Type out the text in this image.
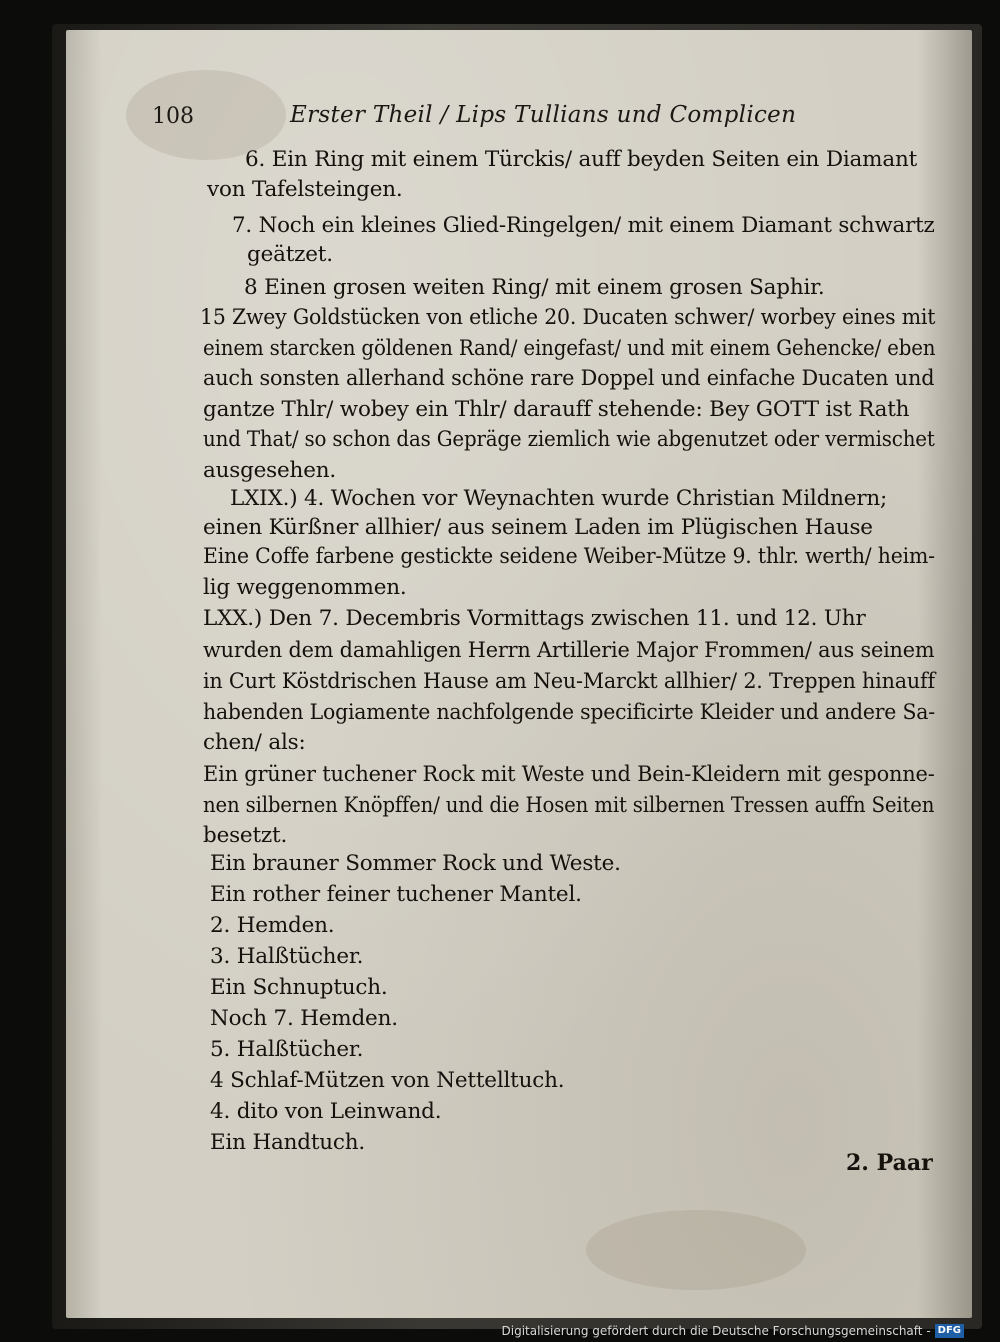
108	Erster Theil / Lips Tullians und Complicen
6. Ein Ring mit einem Türckis/ auff beyden Seiten ein Diamant
von Tafelsteingen.
7. Noch ein kleines Glied-Ringelgen/ mit einem Diamant schwartz
geätzet.
8 Einen grosen weiten Ring/ mit einem grosen Saphir.
15 Zwey Goldstücken von etliche 20. Ducaten schwer/ worbey eines mit
einem starcken göldenen Rand/ eingefast/ und mit einem Gehencke/ eben
auch sonsten allerhand schöne rare Doppel und einfache Ducaten und
gantze Thlr/ wobey ein Thlr/ darauff stehende: Bey GOTT ist Rath
und That/ so schon das Gepräge ziemlich wie abgenutzet oder vermischet
ausgesehen.
LXIX.) 4. Wochen vor Weynachten wurde Christian Mildnern;
einen Kürßner allhier/ aus seinem Laden im Plügischen Hause
Eine Coffe farbene gestickte seidene Weiber-Mütze 9. thlr. werth/ heim-
lig weggenommen.
LXX.) Den 7. Decembris Vormittags zwischen 11. und 12. Uhr
wurden dem damahligen Herrn Artillerie Major Frommen/ aus seinem
in Curt Köstdrischen Hause am Neu-Marckt allhier/ 2. Treppen hinauff
habenden Logiamente nachfolgende specificirte Kleider und andere Sa-
chen/ als:
Ein grüner tuchener Rock mit Weste und Bein-Kleidern mit gesponne-
nen silbernen Knöpffen/ und die Hosen mit silbernen Tressen auffn Seiten
besetzt.
Ein brauner Sommer Rock und Weste.
Ein rother feiner tuchener Mantel.
2. Hemden.
3. Halßtücher.
Ein Schnuptuch.
Noch 7. Hemden.
5. Halßtücher.
4 Schlaf-Mützen von Nettelltuch.
4. dito von Leinwand.
Ein Handtuch.
2. Paar
Digitalisierung gefördert durch die Deutsche Forschungsgemeinschaft - DFG
